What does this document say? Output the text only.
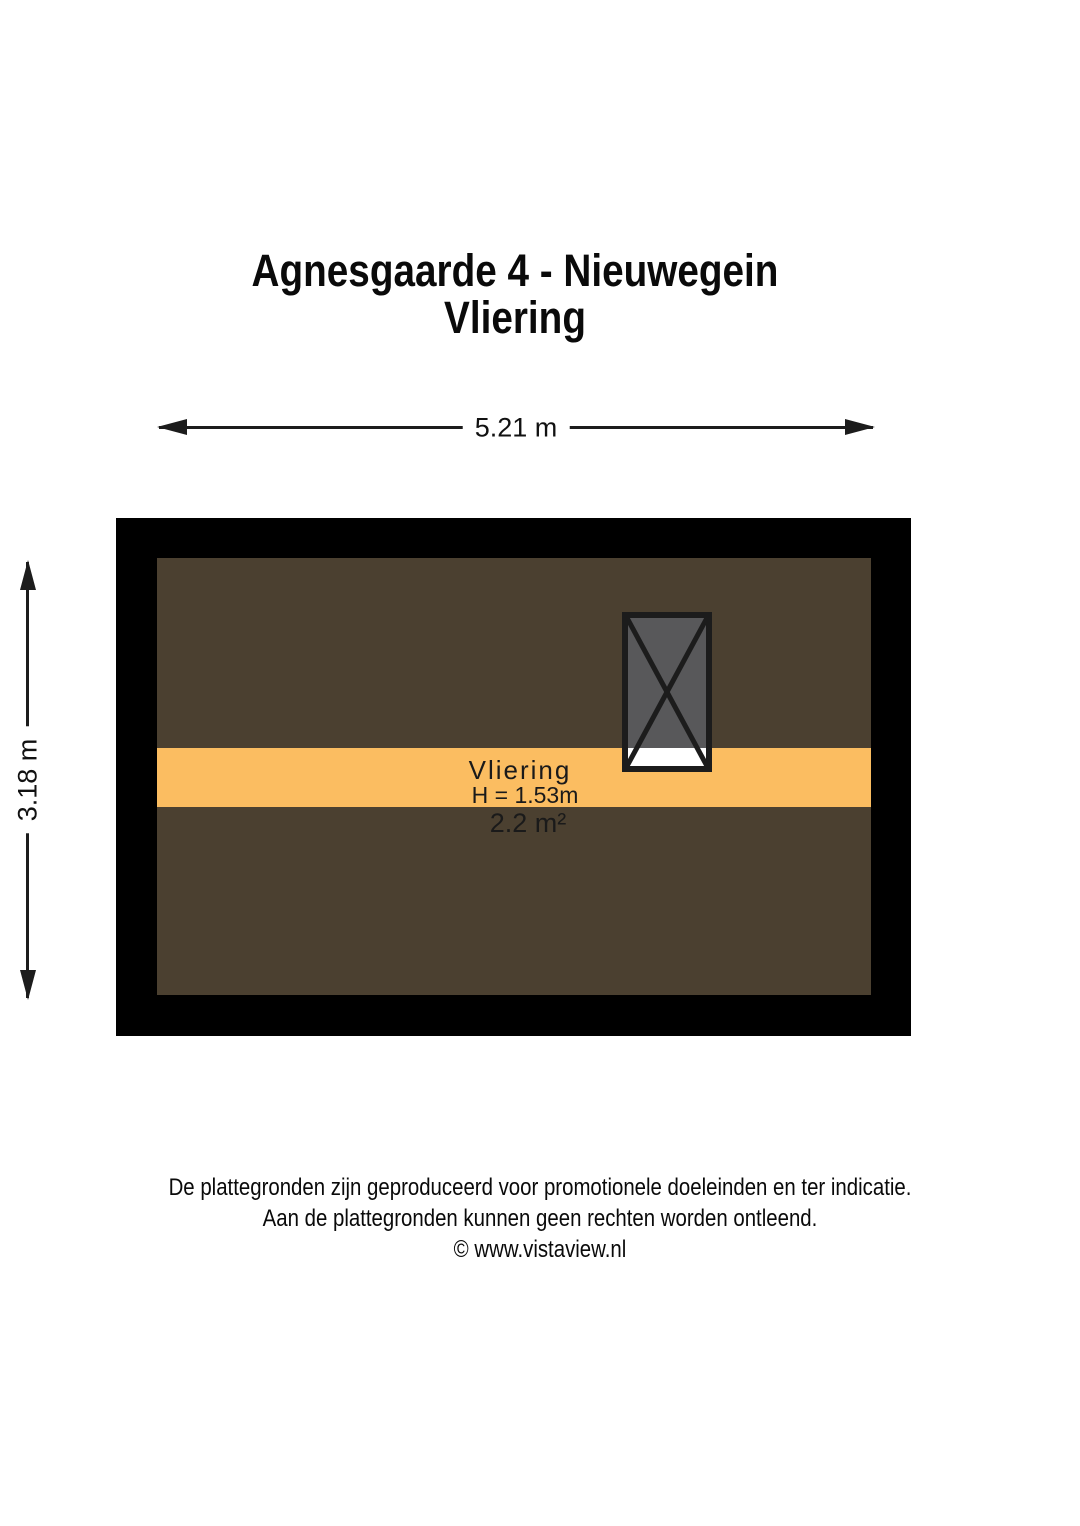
Agnesgaarde 4 - Nieuwegein
Vliering
5.21 m
3.18 m	Vliering
H = 1.53m
2.2 m²
De plattegronden zijn geproduceerd voor promotionele doeleinden en ter indicatie.
Aan de plattegronden kunnen geen rechten worden ontleend.
© www.vistaview.nl
